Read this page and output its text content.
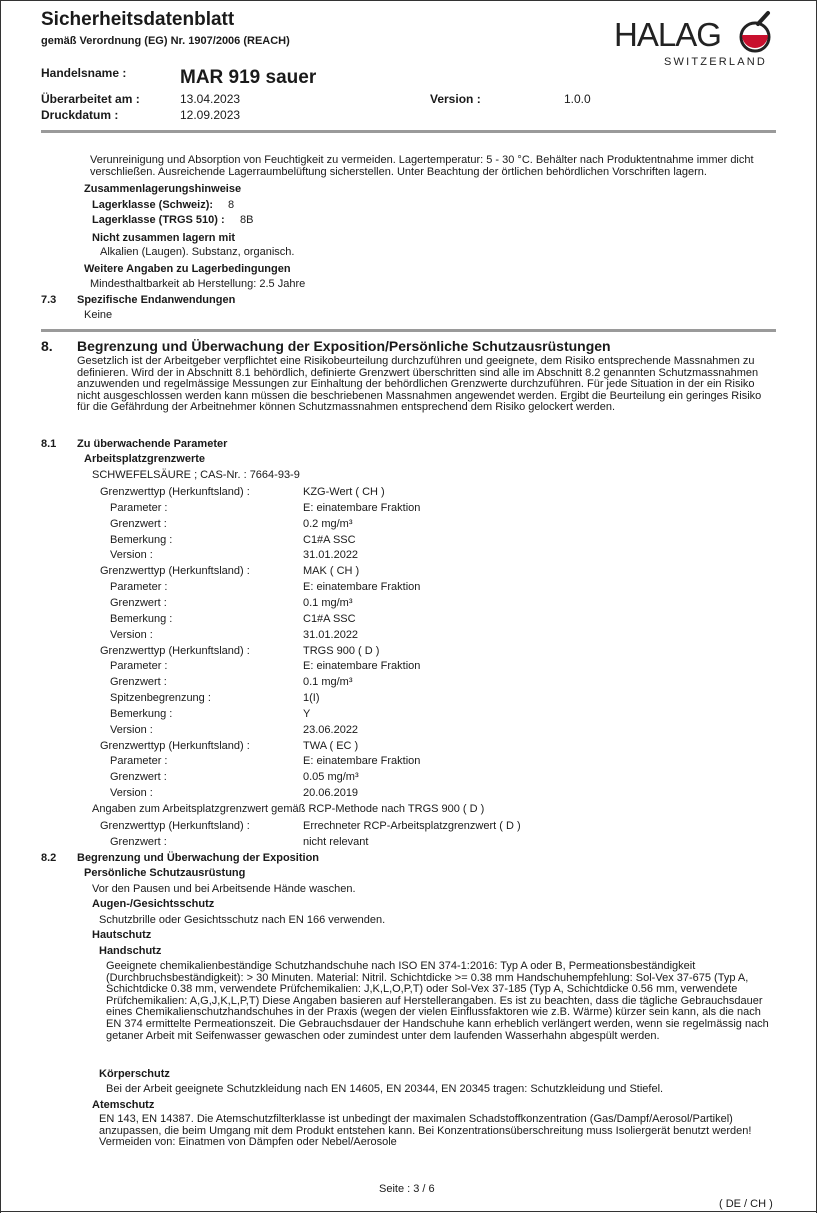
Sicherheitsdatenblatt
gemäß Verordnung (EG) Nr. 1907/2006 (REACH)
Handelsname :	MAR 919 sauer
Überarbeitet am :	13.04.2023	Version :	1.0.0
Druckdatum :	12.09.2023
HALAG
SWITZERLAND
Verunreinigung und Absorption von Feuchtigkeit zu vermeiden. Lagertemperatur: 5 - 30 °C. Behälter nach Produktentnahme immer dicht verschließen. Ausreichende Lagerraumbelüftung sicherstellen. Unter Beachtung der örtlichen behördlichen Vorschriften lagern.
Zusammenlagerungshinweise
Lagerklasse (Schweiz): 8
Lagerklasse (TRGS 510) : 8B
Nicht zusammen lagern mit
Alkalien (Laugen). Substanz, organisch.
Weitere Angaben zu Lagerbedingungen
Mindesthaltbarkeit ab Herstellung: 2.5 Jahre
7.3 Spezifische Endanwendungen
Keine
8. Begrenzung und Überwachung der Exposition/Persönliche Schutzausrüstungen
Gesetzlich ist der Arbeitgeber verpflichtet eine Risikobeurteilung durchzuführen und geeignete, dem Risiko entsprechende Massnahmen zu definieren. Wird der in Abschnitt 8.1 behördlich, definierte Grenzwert überschritten sind alle im Abschnitt 8.2 genannten Schutzmassnahmen anzuwenden und regelmässige Messungen zur Einhaltung der behördlichen Grenzwerte durchzuführen. Für jede Situation in der ein Risiko nicht ausgeschlossen werden kann müssen die beschriebenen Massnahmen angewendet werden. Ergibt die Beurteilung ein geringes Risiko für die Gefährdung der Arbeitnehmer können Schutzmassnahmen entsprechend dem Risiko gelockert werden.
8.1 Zu überwachende Parameter
Arbeitsplatzgrenzwerte
SCHWEFELSÄURE ; CAS-Nr. : 7664-93-9
Grenzwerttyp (Herkunftsland) :	KZG-Wert ( CH )
Parameter :	E: einatembare Fraktion
Grenzwert :	0.2 mg/m³
Bemerkung :	C1#A SSC
Version :	31.01.2022
Grenzwerttyp (Herkunftsland) :	MAK ( CH )
Parameter :	E: einatembare Fraktion
Grenzwert :	0.1 mg/m³
Bemerkung :	C1#A SSC
Version :	31.01.2022
Grenzwerttyp (Herkunftsland) :	TRGS 900 ( D )
Parameter :	E: einatembare Fraktion
Grenzwert :	0.1 mg/m³
Spitzenbegrenzung :	1(I)
Bemerkung :	Y
Version :	23.06.2022
Grenzwerttyp (Herkunftsland) :	TWA ( EC )
Parameter :	E: einatembare Fraktion
Grenzwert :	0.05 mg/m³
Version :	20.06.2019
Angaben zum Arbeitsplatzgrenzwert gemäß RCP-Methode nach TRGS 900 ( D )
Grenzwerttyp (Herkunftsland) :	Errechneter RCP-Arbeitsplatzgrenzwert ( D )
Grenzwert :	nicht relevant
8.2 Begrenzung und Überwachung der Exposition
Persönliche Schutzausrüstung
Vor den Pausen und bei Arbeitsende Hände waschen.
Augen-/Gesichtsschutz
Schutzbrille oder Gesichtsschutz nach EN 166 verwenden.
Hautschutz
Handschutz
Geeignete chemikalienbeständige Schutzhandschuhe nach ISO EN 374-1:2016: Typ A oder B, Permeationsbeständigkeit (Durchbruchsbeständigkeit): > 30 Minuten. Material: Nitril. Schichtdicke >= 0.38 mm Handschuhempfehlung: Sol-Vex 37-675 (Typ A, Schichtdicke 0.38 mm, verwendete Prüfchemikalien: J,K,L,O,P,T) oder Sol-Vex 37-185 (Typ A, Schichtdicke 0.56 mm, verwendete Prüfchemikalien: A,G,J,K,L,P,T) Diese Angaben basieren auf Herstellerangaben. Es ist zu beachten, dass die tägliche Gebrauchsdauer eines Chemikalienschutzhandschuhes in der Praxis (wegen der vielen Einflussfaktoren wie z.B. Wärme) kürzer sein kann, als die nach EN 374 ermittelte Permeationszeit. Die Gebrauchsdauer der Handschuhe kann erheblich verlängert werden, wenn sie regelmässig nach getaner Arbeit mit Seifenwasser gewaschen oder zumindest unter dem laufenden Wasserhahn abgespült werden.
Körperschutz
Bei der Arbeit geeignete Schutzkleidung nach EN 14605, EN 20344, EN 20345 tragen: Schutzkleidung und Stiefel.
Atemschutz
EN 143, EN 14387. Die Atemschutzfilterklasse ist unbedingt der maximalen Schadstoffkonzentration (Gas/Dampf/Aerosol/Partikel) anzupassen, die beim Umgang mit dem Produkt entstehen kann. Bei Konzentrationsüberschreitung muss Isoliergerät benutzt werden! Vermeiden von: Einatmen von Dämpfen oder Nebel/Aerosole
Seite : 3 / 6
( DE / CH )
